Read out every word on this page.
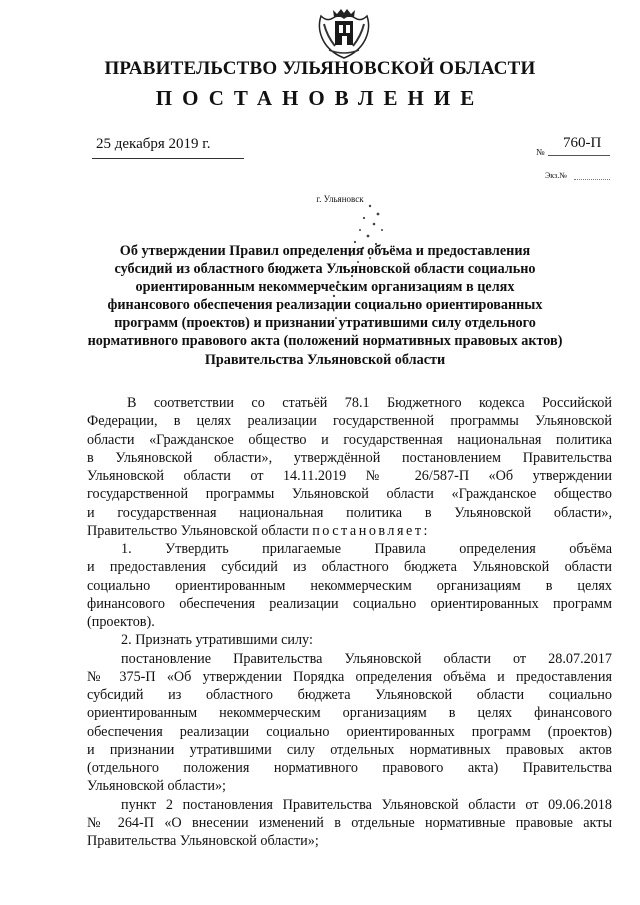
ПРАВИТЕЛЬСТВО УЛЬЯНОВСКОЙ ОБЛАСТИ
ПОСТАНОВЛЕНИЕ
25 декабря 2019 г.	№
760-П
Экз.№
г. Ульяновск
Об утверждении Правил определения объёма и предоставления
субсидий из областного бюджета Ульяновской области социально
ориентированным некоммерческим организациям в целях
финансового обеспечения реализации социально ориентированных
программ (проектов) и признании утратившими силу отдельного
нормативного правового акта (положений нормативных правовых актов)
Правительства Ульяновской области

В соответствии со статьёй 78.1 Бюджетного кодекса Российской

Федерации, в целях реализации государственной программы Ульяновской

области «Гражданское общество и государственная национальная политика

в Ульяновской области», утверждённой постановлением Правительства

Ульяновской области от 14.11.2019 № 26/587-П «Об утверждении

государственной программы Ульяновской области «Гражданское общество

и государственная национальная политика в Ульяновской области»,

Правительство Ульяновской области постановляет:

1. Утвердить прилагаемые Правила определения объёма

и предоставления субсидий из областного бюджета Ульяновской области

социально ориентированным некоммерческим организациям в целях

финансового обеспечения реализации социально ориентированных программ

(проектов).

2. Признать утратившими силу:

постановление Правительства Ульяновской области от 28.07.2017

№ 375-П «Об утверждении Порядка определения объёма и предоставления

субсидий из областного бюджета Ульяновской области социально

ориентированным некоммерческим организациям в целях финансового

обеспечения реализации социально ориентированных программ (проектов)

и признании утратившими силу отдельных нормативных правовых актов

(отдельного положения нормативного правового акта) Правительства

Ульяновской области»;

пункт 2 постановления Правительства Ульяновской области от 09.06.2018

№ 264-П «О внесении изменений в отдельные нормативные правовые акты

Правительства Ульяновской области»;
